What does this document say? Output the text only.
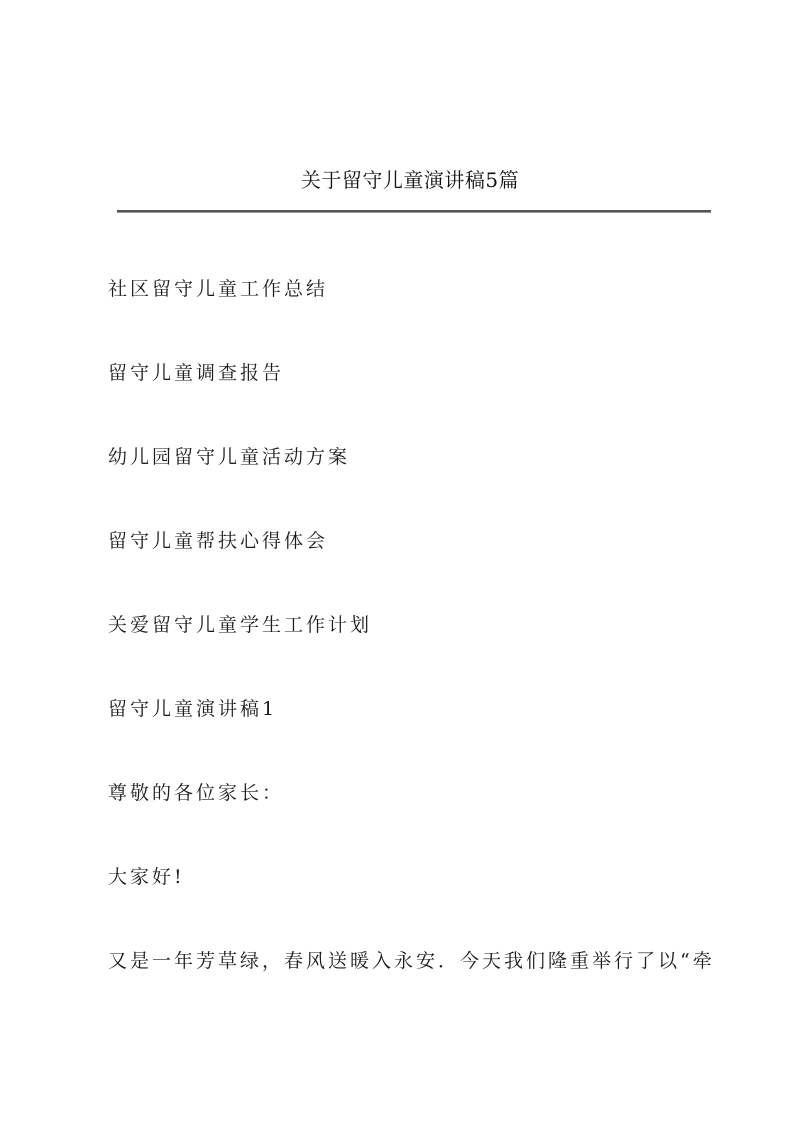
关于留守儿童演讲稿5篇
社区留守儿童工作总结
留守儿童调查报告
幼儿园留守儿童活动方案
留守儿童帮扶心得体会
关爱留守儿童学生工作计划
留守儿童演讲稿1
尊敬的各位家长：
大家好!
又是一年芳草绿，春风送暖入永安．今天我们隆重举行了以“牵
